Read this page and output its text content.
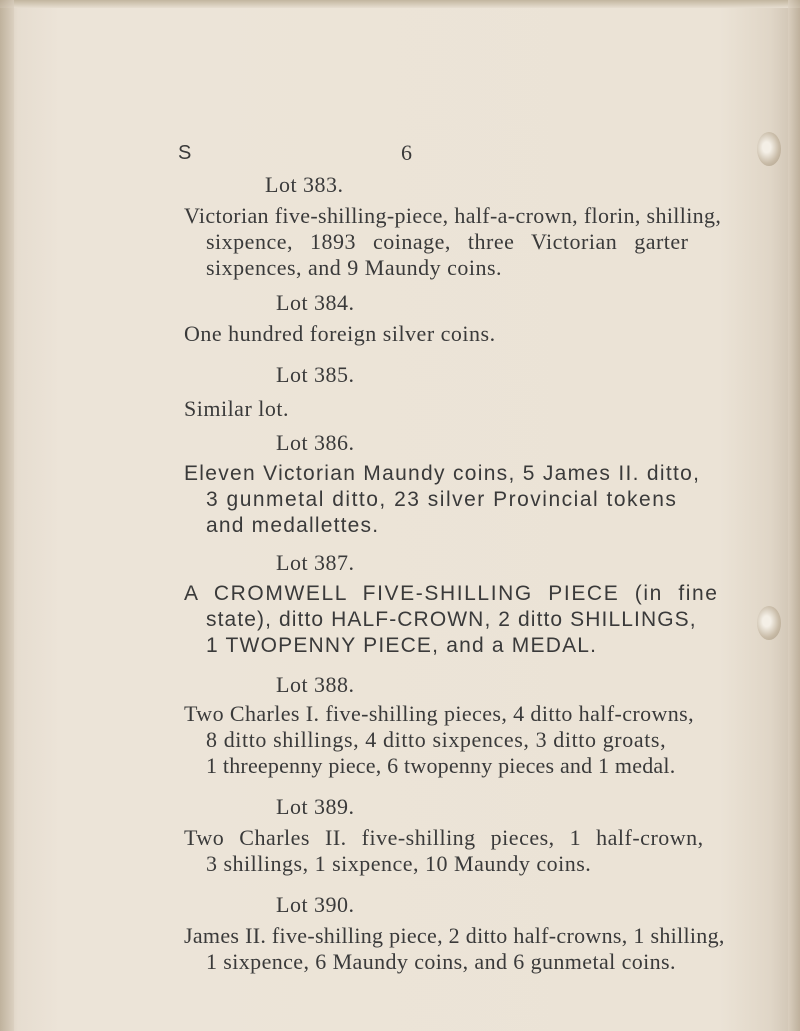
S	6
Lot 383.
Victorian five-shilling-piece, half-a-crown, florin, shilling,
sixpence, 1893 coinage, three Victorian garter
sixpences, and 9 Maundy coins.
Lot 384.
One hundred foreign silver coins.
Lot 385.
Similar lot.
Lot 386.
Eleven Victorian Maundy coins, 5 James II. ditto,
3 gunmetal ditto, 23 silver Provincial tokens
and medallettes.
Lot 387.
A CROMWELL FIVE-SHILLING PIECE (in fine
state), ditto HALF-CROWN, 2 ditto SHILLINGS,
1 TWOPENNY PIECE, and a MEDAL.
Lot 388.
Two Charles I. five-shilling pieces, 4 ditto half-crowns,
8 ditto shillings, 4 ditto sixpences, 3 ditto groats,
1 threepenny piece, 6 twopenny pieces and 1 medal.
Lot 389.
Two Charles II. five-shilling pieces, 1 half-crown,
3 shillings, 1 sixpence, 10 Maundy coins.
Lot 390.
James II. five-shilling piece, 2 ditto half-crowns, 1 shilling,
1 sixpence, 6 Maundy coins, and 6 gunmetal coins.
